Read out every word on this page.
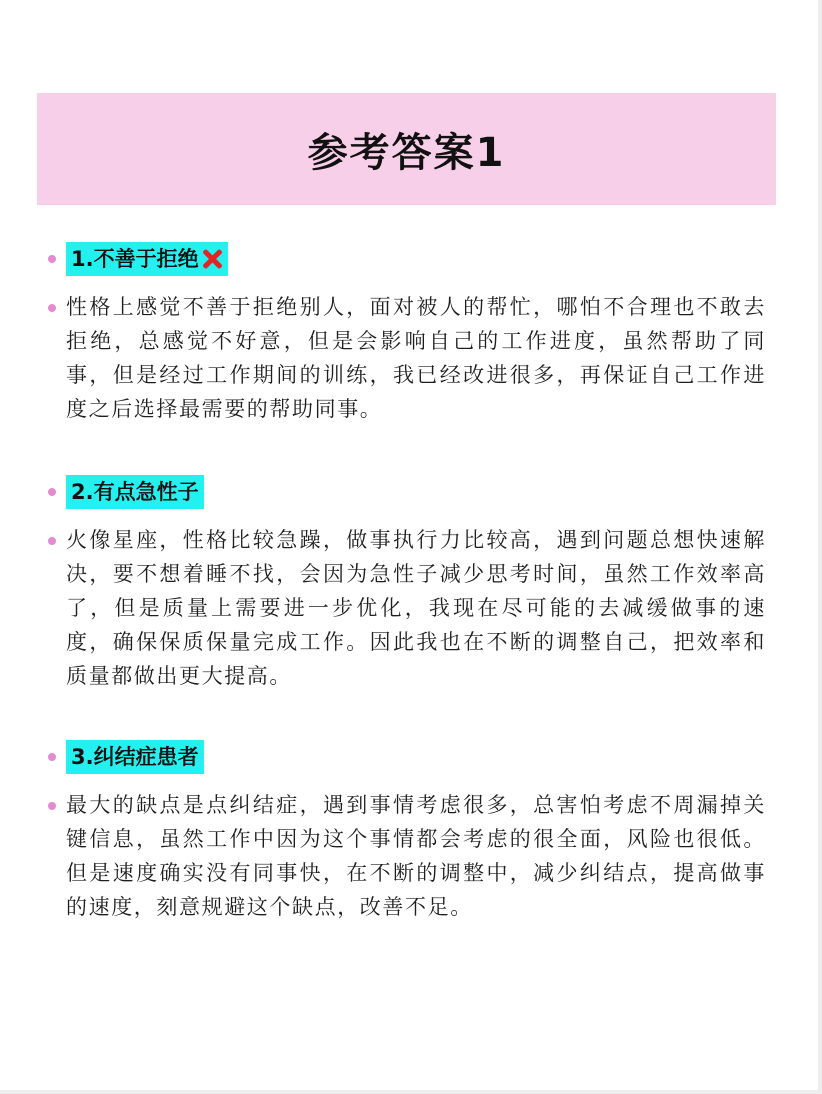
参考答案1
1.不善于拒绝
性格上感觉不善于拒绝别人，面对被人的帮忙，哪怕不合理也不敢去拒绝，总感觉不好意，但是会影响自己的工作进度，虽然帮助了同事，但是经过工作期间的训练，我已经改进很多，再保证自己工作进度之后选择最需要的帮助同事。
2.有点急性子
火像星座，性格比较急躁，做事执行力比较高，遇到问题总想快速解决，要不想着睡不找，会因为急性子减少思考时间，虽然工作效率高了，但是质量上需要进一步优化，我现在尽可能的去减缓做事的速度，确保保质保量完成工作。因此我也在不断的调整自己，把效率和质量都做出更大提高。
3.纠结症患者
最大的缺点是点纠结症，遇到事情考虑很多，总害怕考虑不周漏掉关键信息，虽然工作中因为这个事情都会考虑的很全面，风险也很低。但是速度确实没有同事快，在不断的调整中，减少纠结点，提高做事的速度，刻意规避这个缺点，改善不足。
